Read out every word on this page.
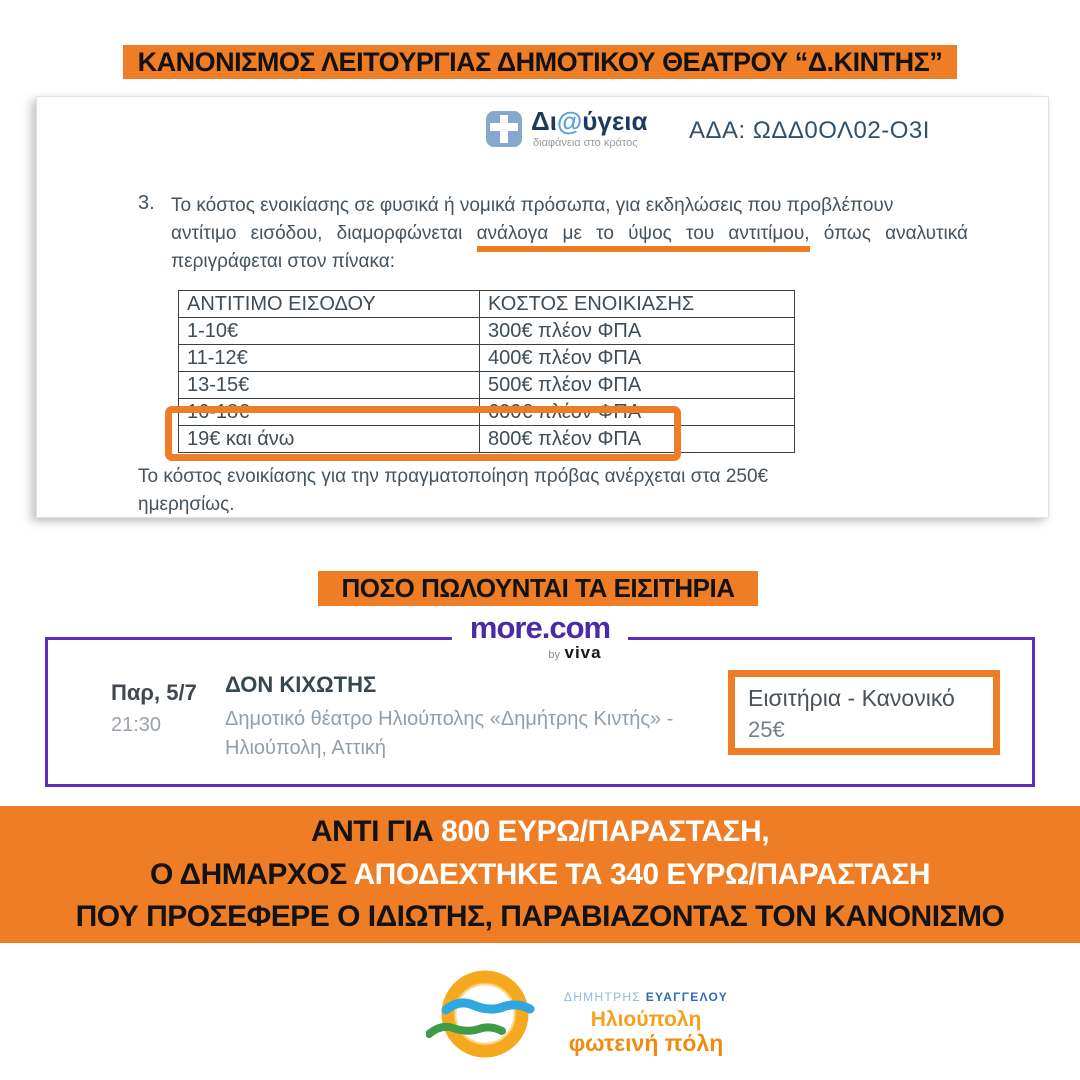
ΚΑΝΟΝΙΣΜΟΣ ΛΕΙΤΟΥΡΓΙΑΣ ΔΗΜΟΤΙΚΟΥ ΘΕΑΤΡΟΥ “Δ.ΚΙΝΤΗΣ”
Δι@ύγεια
διαφάνεια στο κράτος	ΑΔΑ: ΩΔΔ0ΟΛ02-Ο3Ι
3. Το κόστος ενοικίασης σε φυσικά ή νομικά πρόσωπα, για εκδηλώσεις που προβλέπουν
αντίτιμο εισόδου, διαμορφώνεται ανάλογα με το ύψος του αντιτίμου, όπως αναλυτικά
περιγράφεται στον πίνακα:
ΑΝΤΙΤΙΜΟ ΕΙΣΟΔΟΥ	ΚΟΣΤΟΣ ΕΝΟΙΚΙΑΣΗΣ
1-10€	300€ πλέον ΦΠΑ
11-12€	400€ πλέον ΦΠΑ
13-15€	500€ πλέον ΦΠΑ
16-18€	600€ πλέον ΦΠΑ
19€ και άνω	800€ πλέον ΦΠΑ
Το κόστος ενοικίασης για την πραγματοποίηση πρόβας ανέρχεται στα 250€
ημερησίως.
ΠΟΣΟ ΠΩΛΟΥΝΤΑΙ ΤΑ ΕΙΣΙΤΗΡΙΑ
more.com
by viva
Παρ, 5/7
21:30
ΔΟΝ ΚΙΧΩΤΗΣ
Δημοτικό θέατρο Ηλιούπολης «Δημήτρης Κιντής» -
Ηλιούπολη, Αττική
Εισιτήρια - Κανονικό
25€
ΑΝΤΙ ΓΙΑ 800 ΕΥΡΩ/ΠΑΡΑΣΤΑΣΗ,
Ο ΔΗΜΑΡΧΟΣ ΑΠΟΔΕΧΤΗΚΕ ΤΑ 340 ΕΥΡΩ/ΠΑΡΑΣΤΑΣΗ
ΠΟΥ ΠΡΟΣΕΦΕΡΕ Ο ΙΔΙΩΤΗΣ, ΠΑΡΑΒΙΑΖΟΝΤΑΣ ΤΟΝ ΚΑΝΟΝΙΣΜΟ
ΔΗΜΗΤΡΗΣ ΕΥΑΓΓΕΛΟΥ
Ηλιούπολη
φωτεινή πόλη
